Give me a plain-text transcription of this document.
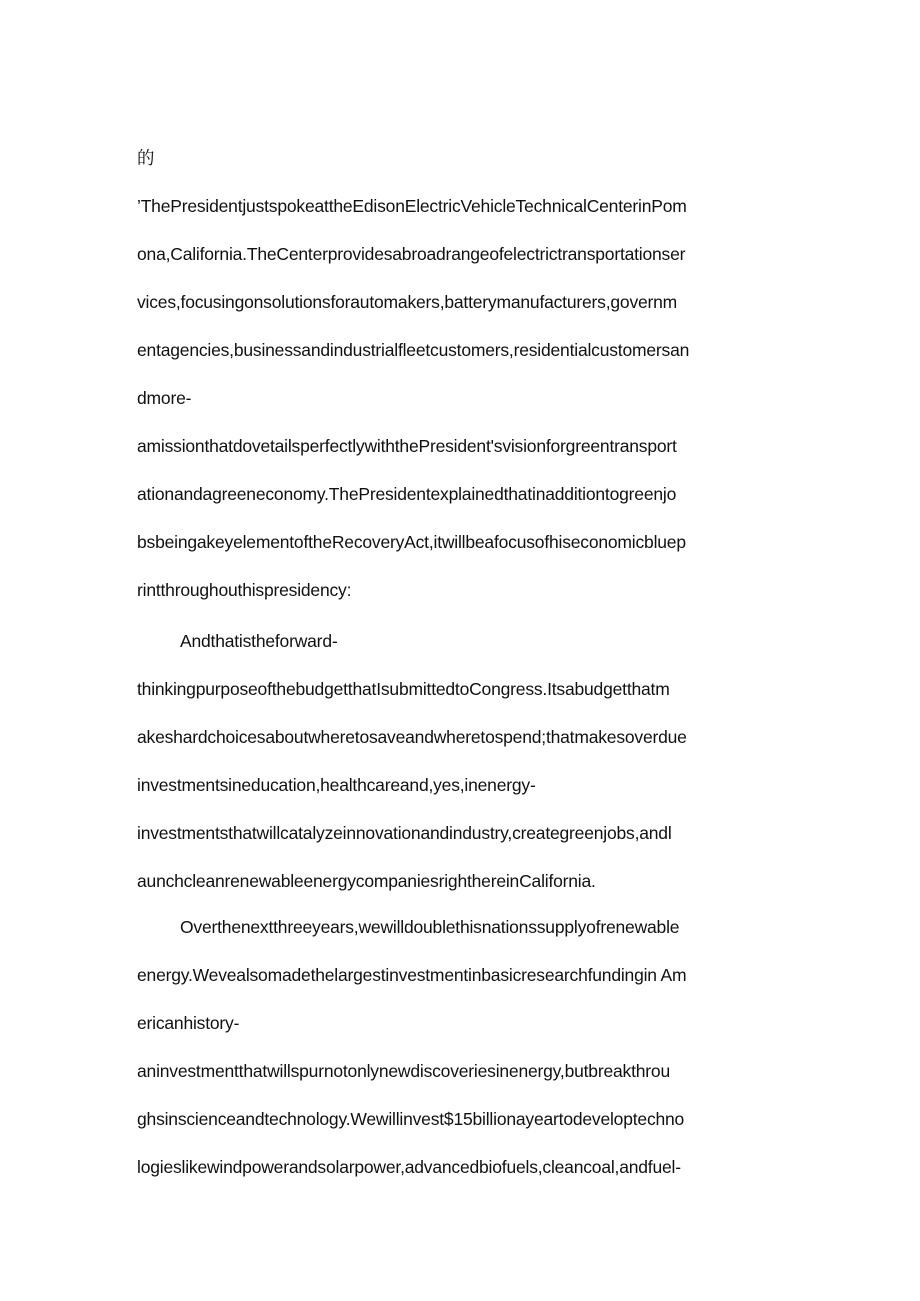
的

’ThePresidentjustspokeattheEdisonElectricVehicleTechnicalCenterinPom

ona,California.TheCenterprovidesabroadrangeofelectrictransportationser

vices,focusingonsolutionsforautomakers,batterymanufacturers,governm

entagencies,businessandindustrialfleetcustomers,residentialcustomersan

dmore-

amissionthatdovetailsperfectlywiththePresident'svisionforgreentransport

ationandagreeneconomy.ThePresidentexplainedthatinadditiontogreenjo

bsbeingakeyelementoftheRecoveryAct,itwillbeafocusofhiseconomicbluep

rintthroughouthispresidency:

Andthatistheforward-

thinkingpurposeofthebudgetthatIsubmittedtoCongress.Itsabudgetthatm

akeshardchoicesaboutwheretosaveandwheretospend;thatmakesoverdue

investmentsineducation,healthcareand,yes,inenergy-

investmentsthatwillcatalyzeinnovationandindustry,creategreenjobs,andl

aunchcleanrenewableenergycompaniesrighthereinCalifornia.

Overthenextthreeyears,wewilldoublethisnationssupplyofrenewable

energy.Wevealsomadethelargestinvestmentinbasicresearchfundingin Am

ericanhistory-

aninvestmentthatwillspurnotonlynewdiscoveriesinenergy,butbreakthrou

ghsinscienceandtechnology.Wewillinvest$15billionayeartodeveloptechno

logieslikewindpowerandsolarpower,advancedbiofuels,cleancoal,andfuel-
